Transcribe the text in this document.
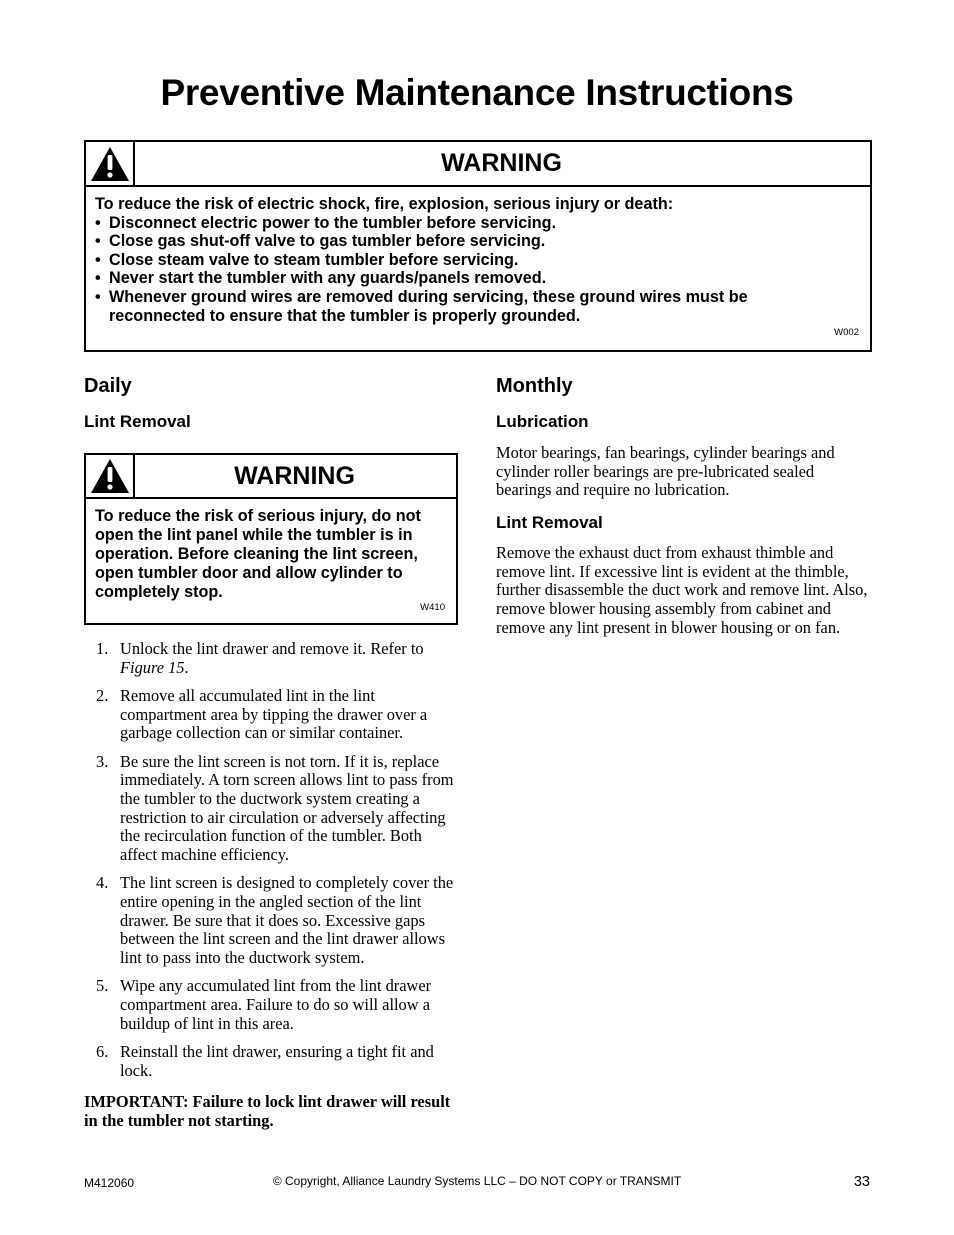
Preventive Maintenance Instructions
WARNING
To reduce the risk of electric shock, fire, explosion, serious injury or death:
• Disconnect electric power to the tumbler before servicing.
• Close gas shut-off valve to gas tumbler before servicing.
• Close steam valve to steam tumbler before servicing.
• Never start the tumbler with any guards/panels removed.
• Whenever ground wires are removed during servicing, these ground wires must be reconnected to ensure that the tumbler is properly grounded.
W002
Daily
Lint Removal
WARNING
To reduce the risk of serious injury, do not open the lint panel while the tumbler is in operation. Before cleaning the lint screen, open tumbler door and allow cylinder to completely stop.
W410
1. Unlock the lint drawer and remove it. Refer to Figure 15.
2. Remove all accumulated lint in the lint compartment area by tipping the drawer over a garbage collection can or similar container.
3. Be sure the lint screen is not torn. If it is, replace immediately. A torn screen allows lint to pass from the tumbler to the ductwork system creating a restriction to air circulation or adversely affecting the recirculation function of the tumbler. Both affect machine efficiency.
4. The lint screen is designed to completely cover the entire opening in the angled section of the lint drawer. Be sure that it does so. Excessive gaps between the lint screen and the lint drawer allows lint to pass into the ductwork system.
5. Wipe any accumulated lint from the lint drawer compartment area. Failure to do so will allow a buildup of lint in this area.
6. Reinstall the lint drawer, ensuring a tight fit and lock.

IMPORTANT: Failure to lock lint drawer will result in the tumbler not starting.

Monthly
Lubrication

Motor bearings, fan bearings, cylinder bearings and cylinder roller bearings are pre-lubricated sealed bearings and require no lubrication.

Lint Removal

Remove the exhaust duct from exhaust thimble and remove lint. If excessive lint is evident at the thimble, further disassemble the duct work and remove lint. Also, remove blower housing assembly from cabinet and remove any lint present in blower housing or on fan.

M412060	© Copyright, Alliance Laundry Systems LLC – DO NOT COPY or TRANSMIT	33
